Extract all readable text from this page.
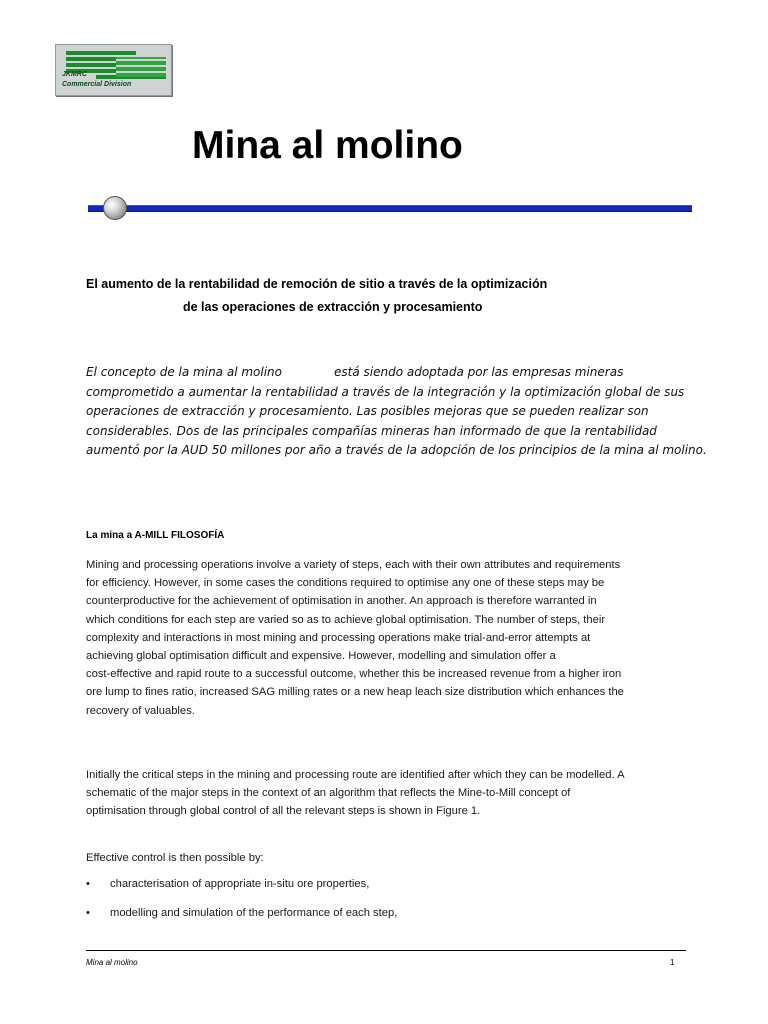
JKMRC
Commercial Division
Mina al molino
El aumento de la rentabilidad de remoción de sitio a través de la optimización
de las operaciones de extracción y procesamiento
El concepto de la mina al molino	está siendo adoptada por las empresas mineras
comprometido a aumentar la rentabilidad a través de la integración y la optimización global de sus
operaciones de extracción y procesamiento. Las posibles mejoras que se pueden realizar son
considerables. Dos de las principales compañías mineras han informado de que la rentabilidad
aumentó por la AUD 50 millones por año a través de la adopción de los principios de la mina al molino.
La mina a A-MILL FILOSOFÍA
Mining and processing operations involve a variety of steps, each with their own attributes and requirements
for efficiency. However, in some cases the conditions required to optimise any one of these steps may be
counterproductive for the achievement of optimisation in another. An approach is therefore warranted in
which conditions for each step are varied so as to achieve global optimisation. The number of steps, their
complexity and interactions in most mining and processing operations make trial-and-error attempts at
achieving global optimisation difficult and expensive. However, modelling and simulation offer a
cost-effective and rapid route to a successful outcome, whether this be increased revenue from a higher iron
ore lump to fines ratio, increased SAG milling rates or a new heap leach size distribution which enhances the
recovery of valuables.
Initially the critical steps in the mining and processing route are identified after which they can be modelled. A
schematic of the major steps in the context of an algorithm that reflects the Mine-to-Mill concept of
optimisation through global control of all the relevant steps is shown in Figure 1.
Effective control is then possible by:
• characterisation of appropriate in-situ ore properties,
• modelling and simulation of the performance of each step,
Mina al molino	1
